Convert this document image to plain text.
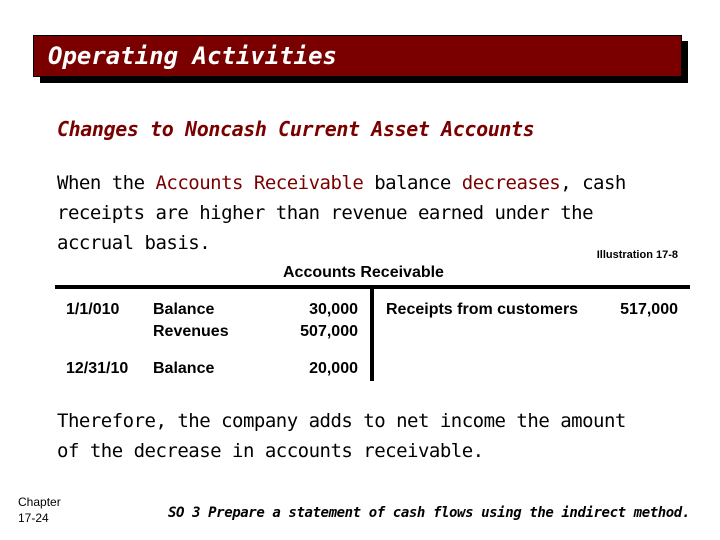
Operating Activities
Changes to Noncash Current Asset Accounts
When the Accounts Receivable balance decreases, cash
receipts are higher than revenue earned under the
accrual basis.
Illustration 17-8
Accounts Receivable
1/1/010 Balance	30,000
Revenues	507,000
12/31/10 Balance	20,000
Receipts from customers	517,000
Therefore, the company adds to net income the amount
of the decrease in accounts receivable.
Chapter
17-24	SO 3 Prepare a statement of cash flows using the indirect method.
